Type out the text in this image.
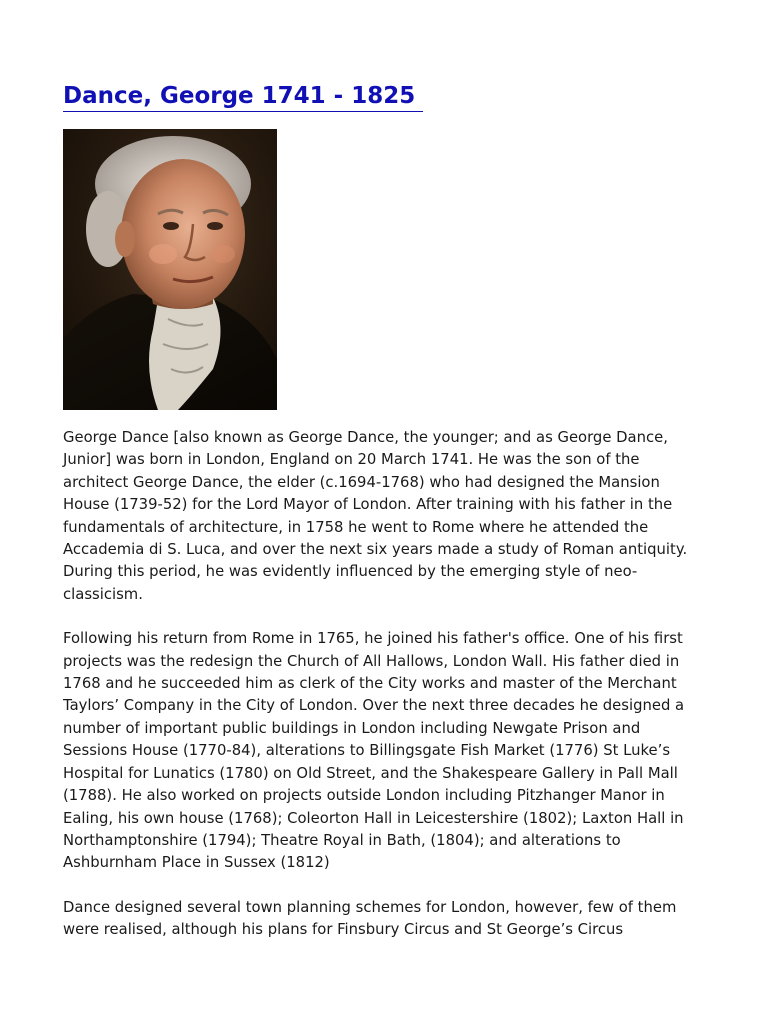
Dance, George 1741 - 1825

George Dance [also known as George Dance, the younger; and as George Dance, Junior] was born in London, England on 20 March 1741. He was the son of the architect George Dance, the elder (c.1694-1768) who had designed the Mansion House (1739-52) for the Lord Mayor of London. After training with his father in the fundamentals of architecture, in 1758 he went to Rome where he attended the Accademia di S. Luca, and over the next six years made a study of Roman antiquity. During this period, he was evidently influenced by the emerging style of neo-classicism.

Following his return from Rome in 1765, he joined his father's office. One of his first projects was the redesign the Church of All Hallows, London Wall. His father died in 1768 and he succeeded him as clerk of the City works and master of the Merchant Taylors’ Company in the City of London. Over the next three decades he designed a number of important public buildings in London including Newgate Prison and Sessions House (1770-84), alterations to Billingsgate Fish Market (1776) St Luke’s Hospital for Lunatics (1780) on Old Street, and the Shakespeare Gallery in Pall Mall (1788). He also worked on projects outside London including Pitzhanger Manor in Ealing, his own house (1768); Coleorton Hall in Leicestershire (1802); Laxton Hall in Northamptonshire (1794); Theatre Royal in Bath, (1804); and alterations to Ashburnham Place in Sussex (1812)

Dance designed several town planning schemes for London, however, few of them were realised, although his plans for Finsbury Circus and St George’s Circus
